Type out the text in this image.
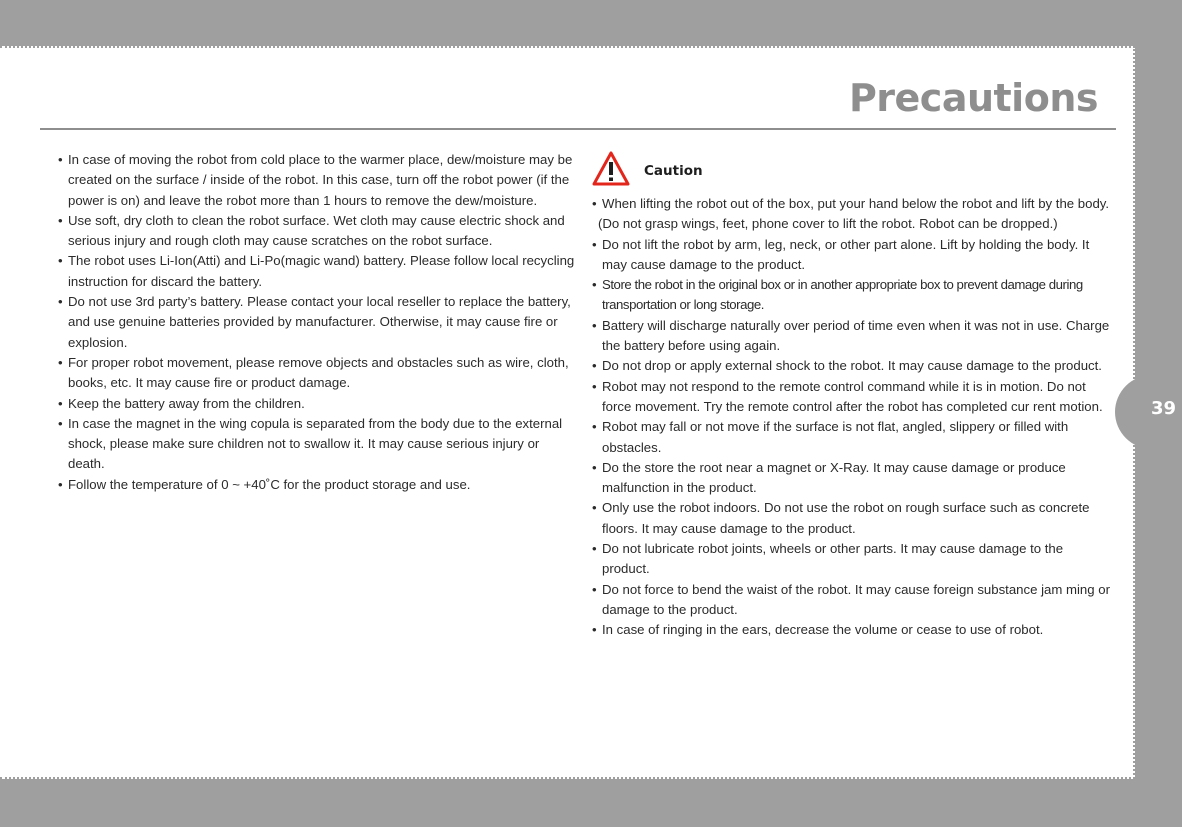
Precautions
39
• In case of moving the robot from cold place to the warmer place, dew/moisture may be created on the surface / inside of the robot. In this case, turn off the robot power (if the power is on) and leave the robot more than 1 hours to remove the dew/moisture.
• Use soft, dry cloth to clean the robot surface. Wet cloth may cause electric shock and serious injury and rough cloth may cause scratches on the robot surface.
• The robot uses Li-Ion(Atti) and Li-Po(magic wand) battery. Please follow local recycling instruction for discard the battery.
• Do not use 3rd party’s battery. Please contact your local reseller to replace the battery, and use genuine batteries provided by manufacturer. Otherwise, it may cause fire or explosion.
• For proper robot movement, please remove objects and obstacles such as wire, cloth, books, etc. It may cause fire or product damage.
• Keep the battery away from the children.
• In case the magnet in the wing copula is separated from the body due to the external shock, please make sure children not to swallow it. It may cause serious injury or death.
• Follow the temperature of 0 ~ +40˚C for the product storage and use.
Caution
• When lifting the robot out of the box, put your hand below the robot and lift by the body.
(Do not grasp wings, feet, phone cover to lift the robot. Robot can be dropped.)
• Do not lift the robot by arm, leg, neck, or other part alone. Lift by holding the body. It may cause damage to the product.
• Store the robot in the original box or in another appropriate box to prevent damage during transportation or long storage.
• Battery will discharge naturally over period of time even when it was not in use. Charge the battery before using again.
• Do not drop or apply external shock to the robot. It may cause damage to the product.
• Robot may not respond to the remote control command while it is in motion. Do not force movement. Try the remote control after the robot has completed cur rent motion.
• Robot may fall or not move if the surface is not flat, angled, slippery or filled with obstacles.
• Do the store the root near a magnet or X-Ray. It may cause damage or produce malfunction in the product.
• Only use the robot indoors. Do not use the robot on rough surface such as concrete floors. It may cause damage to the product.
• Do not lubricate robot joints, wheels or other parts. It may cause damage to the product.
• Do not force to bend the waist of the robot. It may cause foreign substance jam ming or damage to the product.
• In case of ringing in the ears, decrease the volume or cease to use of robot.
